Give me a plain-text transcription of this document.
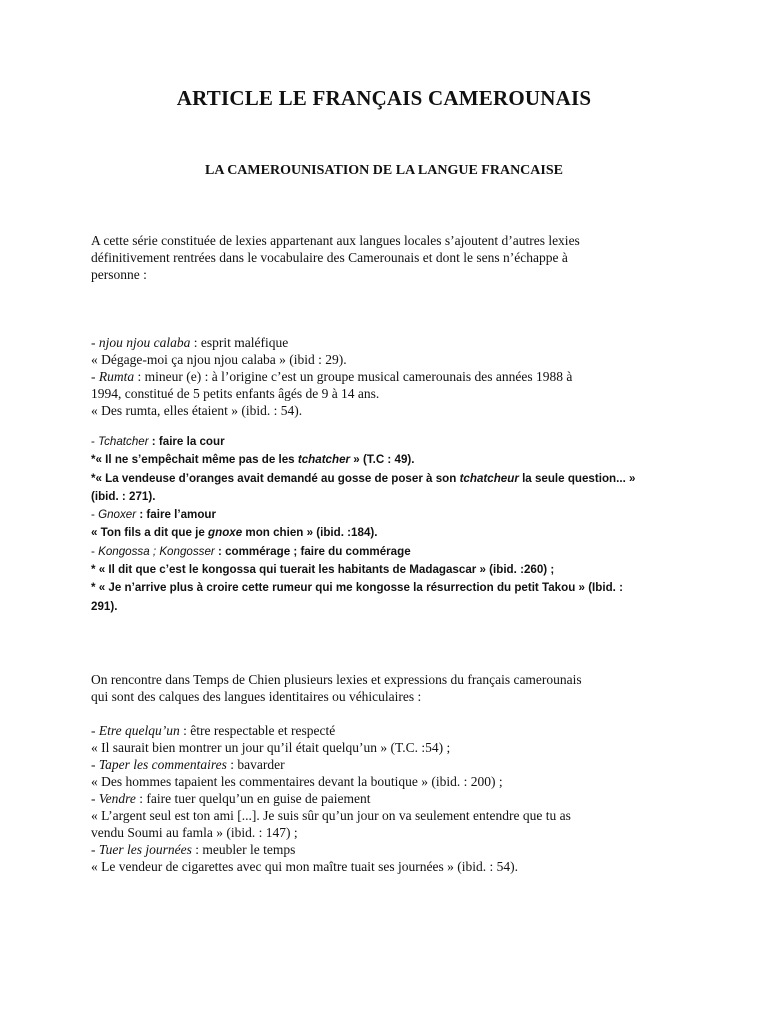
ARTICLE LE FRANÇAIS CAMEROUNAIS
LA CAMEROUNISATION DE LA LANGUE FRANCAISE
A cette série constituée de lexies appartenant aux langues locales s’ajoutent d’autres lexies
définitivement rentrées dans le vocabulaire des Camerounais et dont le sens n’échappe à
personne :
- njou njou calaba : esprit maléfique
« Dégage-moi ça njou njou calaba » (ibid : 29).
- Rumta : mineur (e) : à l’origine c’est un groupe musical camerounais des années 1988 à
1994, constitué de 5 petits enfants âgés de 9 à 14 ans.
« Des rumta, elles étaient » (ibid. : 54).
- Tchatcher : faire la cour
*« Il ne s’empêchait même pas de les tchatcher » (T.C : 49).
*« La vendeuse d’oranges avait demandé au gosse de poser à son tchatcheur la seule question... »
(ibid. : 271).
- Gnoxer : faire l’amour
« Ton fils a dit que je gnoxe mon chien » (ibid. :184).
- Kongossa ; Kongosser : commérage ; faire du commérage
* « Il dit que c’est le kongossa qui tuerait les habitants de Madagascar » (ibid. :260) ;
* « Je n’arrive plus à croire cette rumeur qui me kongosse la résurrection du petit Takou » (Ibid. :
291).
On rencontre dans Temps de Chien plusieurs lexies et expressions du français camerounais
qui sont des calques des langues identitaires ou véhiculaires :
- Etre quelqu’un : être respectable et respecté
« Il saurait bien montrer un jour qu’il était quelqu’un » (T.C. :54) ;
- Taper les commentaires : bavarder
« Des hommes tapaient les commentaires devant la boutique » (ibid. : 200) ;
- Vendre : faire tuer quelqu’un en guise de paiement
« L’argent seul est ton ami [...]. Je suis sûr qu’un jour on va seulement entendre que tu as
vendu Soumi au famla » (ibid. : 147) ;
- Tuer les journées : meubler le temps
« Le vendeur de cigarettes avec qui mon maître tuait ses journées » (ibid. : 54).
